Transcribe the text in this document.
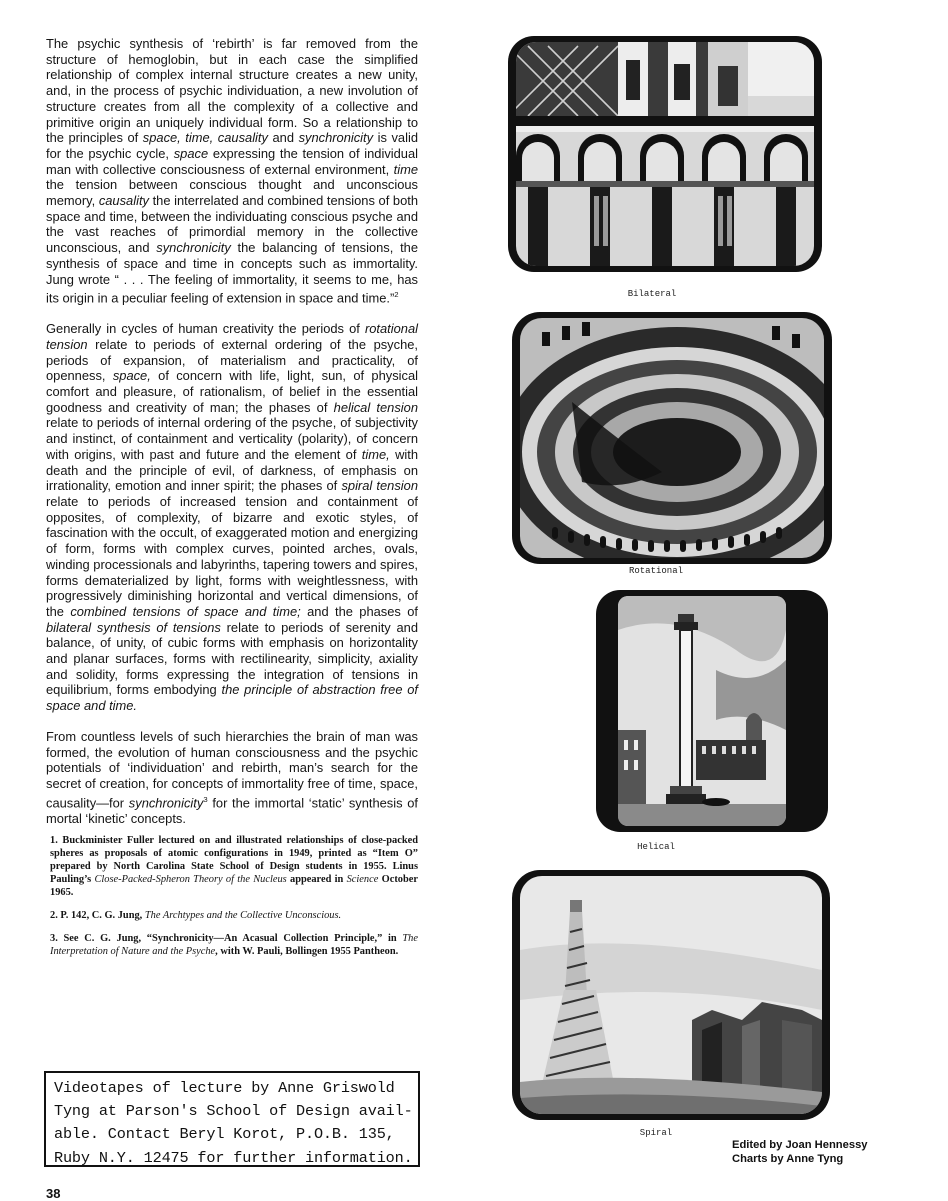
The psychic synthesis of ‘rebirth’ is far removed from the structure of hemoglobin, but in each case the simplified relationship of complex internal structure creates a new unity, and, in the process of psychic individuation, a new involution of structure creates from all the complexity of a collective and primitive origin an uniquely individual form. So a relationship to the principles of space, time, causality and synchronicity is valid for the psychic cycle, space expressing the tension of individual man with collective consciousness of external environment, time the tension between conscious thought and unconscious memory, causality the interrelated and combined tensions of both space and time, between the individuating conscious psyche and the vast reaches of primordial memory in the collective unconscious, and synchronicity the balancing of tensions, the synthesis of space and time in concepts such as immortality. Jung wrote “ . . . The feeling of immortality, it seems to me, has its origin in a peculiar feeling of extension in space and time.”$^2$

Generally in cycles of human creativity the periods of rotational tension relate to periods of external ordering of the psyche, periods of expansion, of materialism and practicality, of openness, space, of concern with life, light, sun, of physical comfort and pleasure, of rationalism, of belief in the essential goodness and creativity of man; the phases of helical tension relate to periods of internal ordering of the psyche, of subjectivity and instinct, of containment and verticality (polarity), of concern with origins, with past and future and the element of time, with death and the principle of evil, of darkness, of emphasis on irrationality, emotion and inner spirit; the phases of spiral tension relate to periods of increased tension and containment of opposites, of complexity, of bizarre and exotic styles, of fascination with the occult, of exaggerated motion and energizing of form, forms with complex curves, pointed arches, ovals, winding processionals and labyrinths, tapering towers and spires, forms dematerialized by light, forms with weightlessness, with progressively diminishing horizontal and vertical dimensions, of the combined tensions of space and time; and the phases of bilateral synthesis of tensions relate to periods of serenity and balance, of unity, of cubic forms with emphasis on horizontality and planar surfaces, forms with rectilinearity, simplicity, axiality and solidity, forms expressing the integration of tensions in equilibrium, forms embodying the principle of abstraction free of space and time.

From countless levels of such hierarchies the brain of man was formed, the evolution of human consciousness and the psychic potentials of ‘individuation’ and rebirth, man’s search for the secret of creation, for concepts of immortality free of time, space, causality—for synchronicity$^3$ for the immortal ‘static’ synthesis of mortal ‘kinetic’ concepts.

1. Buckminister Fuller lectured on and illustrated relationships of close-packed spheres as proposals of atomic configurations in 1949, printed as “Item O” prepared by North Carolina State School of Design students in 1955. Linus Pauling’s Close-Packed-Spheron Theory of the Nucleus appeared in Science October 1965.

2. P. 142, C. G. Jung, The Archtypes and the Collective Unconscious.

3. See C. G. Jung, “Synchronicity—An Acasual Collection Principle,” in The Interpretation of Nature and the Psyche, with W. Pauli, Bollingen 1955 Pantheon.

Videotapes of lecture by Anne Griswold
Tyng at Parson's School of Design avail-
able. Contact Beryl Korot, P.O.B. 135,
Ruby N.Y. 12475 for further information.
Bilateral
Rotational
Helical
Spiral
Edited by Joan Hennessy
Charts by Anne Tyng
38
